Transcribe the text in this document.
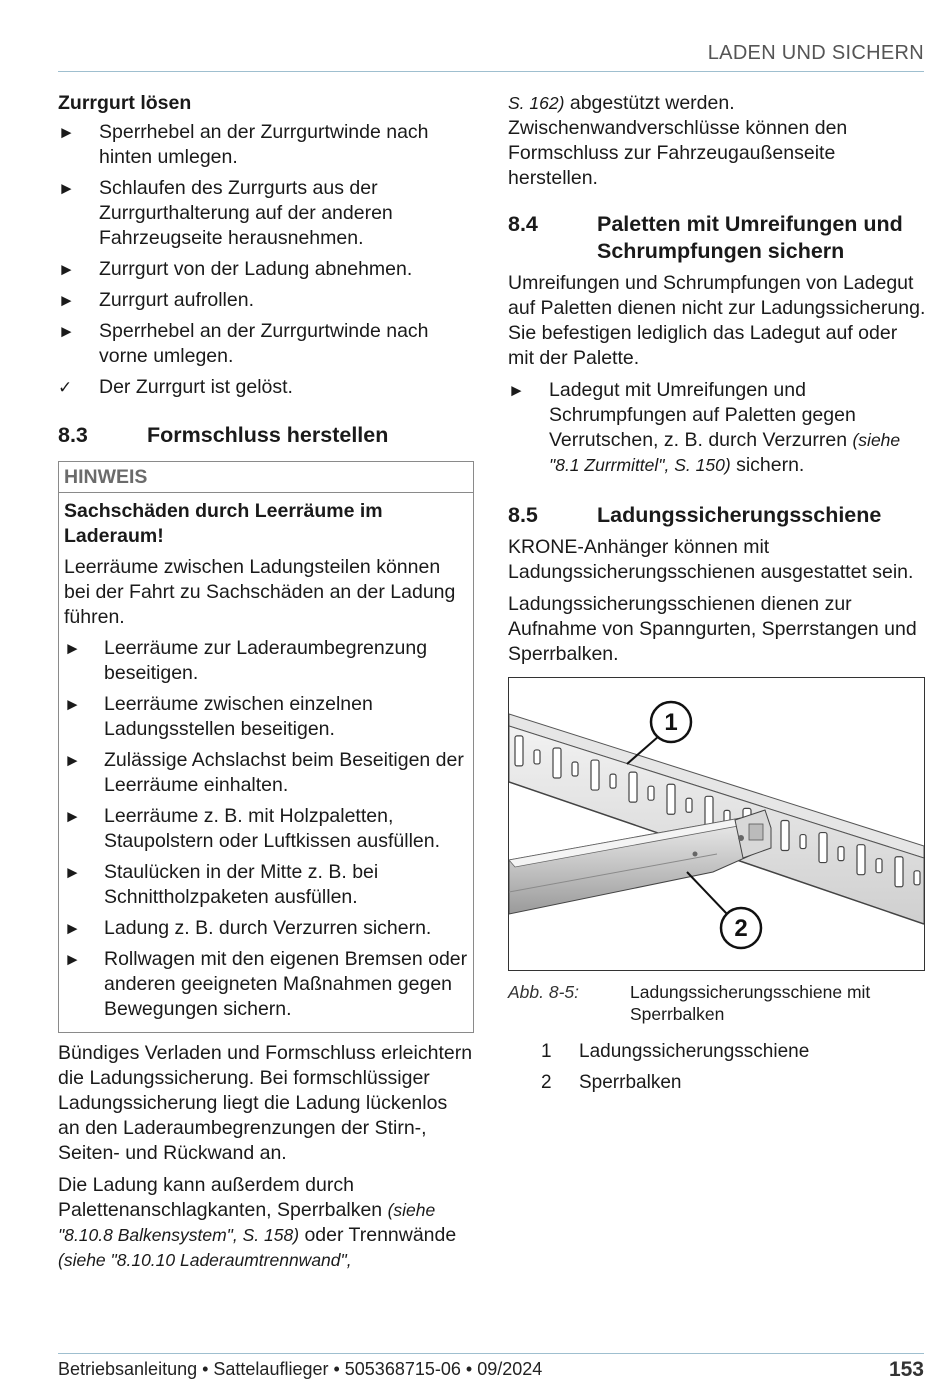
LADEN UND SICHERN
Zurrgurt lösen
► Sperrhebel an der Zurrgurtwinde nach hinten umlegen.
► Schlaufen des Zurrgurts aus der Zurrgurthalterung auf der anderen Fahrzeugseite herausnehmen.
► Zurrgurt von der Ladung abnehmen.
► Zurrgurt aufrollen.
► Sperrhebel an der Zurrgurtwinde nach vorne umlegen.
✓ Der Zurrgurt ist gelöst.
8.3	Formschluss herstellen
HINWEIS

Sachschäden durch Leerräume im Laderaum!

Leerräume zwischen Ladungsteilen können bei der Fahrt zu Sachschäden an der Ladung führen.

► Leerräume zur Laderaumbegrenzung beseitigen.
► Leerräume zwischen einzelnen Ladungsstellen beseitigen.
► Zulässige Achslachst beim Beseitigen der Leerräume einhalten.
► Leerräume z. B. mit Holzpaletten, Staupolstern oder Luftkissen ausfüllen.
► Staulücken in der Mitte z. B. bei Schnittholzpaketen ausfüllen.
► Ladung z. B. durch Verzurren sichern.
► Rollwagen mit den eigenen Bremsen oder anderen geeigneten Maßnahmen gegen Bewegungen sichern.

Bündiges Verladen und Formschluss erleichtern die Ladungssicherung. Bei formschlüssiger Ladungssicherung liegt die Ladung lückenlos an den Laderaumbegrenzungen der Stirn-, Seiten- und Rückwand an.

Die Ladung kann außerdem durch Palettenanschlagkanten, Sperrbalken (siehe "8.10.8 Balkensystem", S. 158) oder Trennwände (siehe "8.10.10 Laderaumtrennwand",

S. 162) abgestützt werden. Zwischenwandverschlüsse können den Formschluss zur Fahrzeugaußenseite herstellen.

8.4	Paletten mit Umreifungen und Schrumpfungen sichern

Umreifungen und Schrumpfungen von Ladegut auf Paletten dienen nicht zur Ladungssicherung. Sie befestigen lediglich das Ladegut auf oder mit der Palette.

► Ladegut mit Umreifungen und Schrumpfungen auf Paletten gegen Verrutschen, z. B. durch Verzurren (siehe "8.1 Zurrmittel", S. 150) sichern.
8.5	Ladungssicherungsschiene

KRONE-Anhänger können mit Ladungssicherungsschienen ausgestattet sein.

Ladungssicherungsschienen dienen zur Aufnahme von Spanngurten, Sperrstangen und Sperrbalken.

1
2
Abb. 8-5:	Ladungssicherungsschiene mit Sperrbalken
1	Ladungssicherungsschiene
2	Sperrbalken
Betriebsanleitung • Sattelauflieger • 505368715-06 • 09/2024	153
